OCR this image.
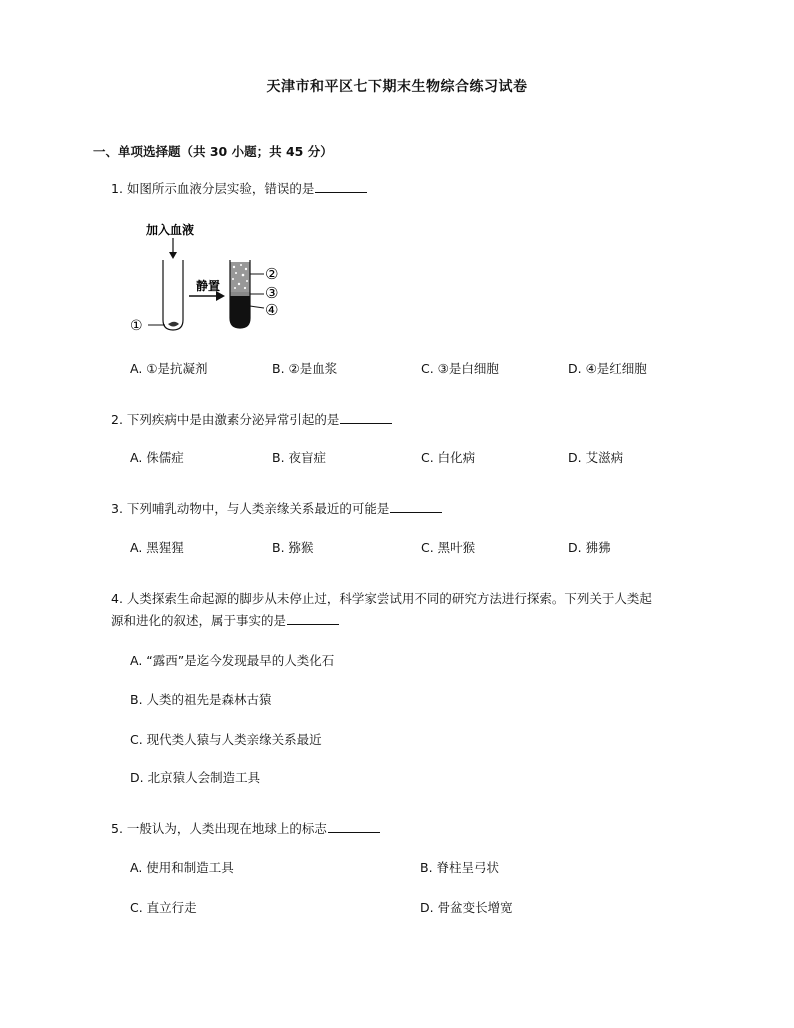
天津市和平区七下期末生物综合练习试卷
一、单项选择题（共 30 小题；共 45 分）
1. 如图所示血液分层实验，错误的是
加入血液
①
静置
②
③
④
A. ①是抗凝剂	B. ②是血浆	C. ③是白细胞	D. ④是红细胞
2. 下列疾病中是由激素分泌异常引起的是
A. 侏儒症	B. 夜盲症	C. 白化病	D. 艾滋病
3. 下列哺乳动物中，与人类亲缘关系最近的可能是
A. 黑猩猩	B. 猕猴	C. 黑叶猴	D. 狒狒
4. 人类探索生命起源的脚步从未停止过，科学家尝试用不同的研究方法进行探索。下列关于人类起
源和进化的叙述，属于事实的是
A. “露西”是迄今发现最早的人类化石
B. 人类的祖先是森林古猿
C. 现代类人猿与人类亲缘关系最近
D. 北京猿人会制造工具
5. 一般认为，人类出现在地球上的标志
A. 使用和制造工具	B. 脊柱呈弓状
C. 直立行走	D. 骨盆变长增宽
